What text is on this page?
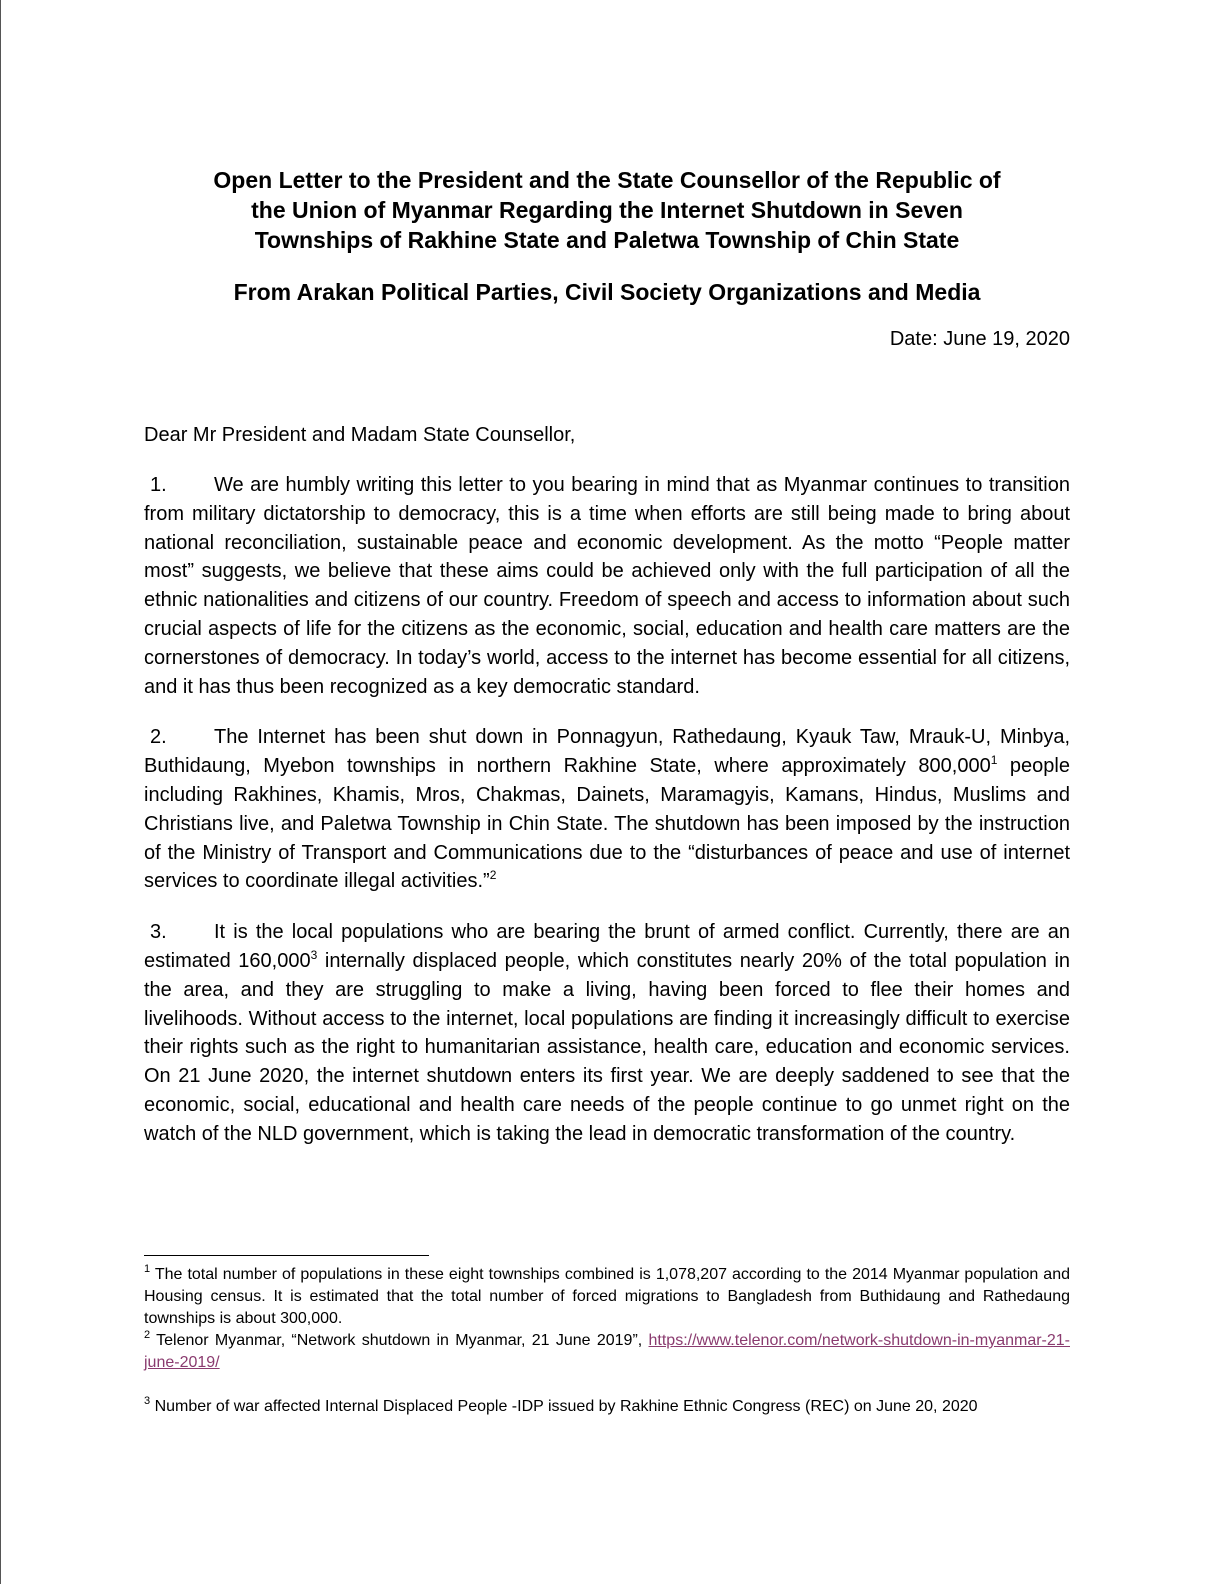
Open Letter to the President and the State Counsellor of the Republic of
the Union of Myanmar Regarding the Internet Shutdown in Seven
Townships of Rakhine State and Paletwa Township of Chin State
From Arakan Political Parties, Civil Society Organizations and Media
Date: June 19, 2020
Dear Mr President and Madam State Counsellor,

1. We are humbly writing this letter to you bearing in mind that as Myanmar continues to transition from military dictatorship to democracy, this is a time when efforts are still being made to bring about national reconciliation, sustainable peace and economic development. As the motto “People matter most” suggests, we believe that these aims could be achieved only with the full participation of all the ethnic nationalities and citizens of our country. Freedom of speech and access to information about such crucial aspects of life for the citizens as the economic, social, education and health care matters are the cornerstones of democracy. In today’s world, access to the internet has become essential for all citizens, and it has thus been recognized as a key democratic standard.

2. The Internet has been shut down in Ponnagyun, Rathedaung, Kyauk Taw, Mrauk-U, Minbya, Buthidaung, Myebon townships in northern Rakhine State, where approximately 800,000$^1$ people including Rakhines, Khamis, Mros, Chakmas, Dainets, Maramagyis, Kamans, Hindus, Muslims and Christians live, and Paletwa Township in Chin State. The shutdown has been imposed by the instruction of the Ministry of Transport and Communications due to the “disturbances of peace and use of internet services to coordinate illegal activities.”$^2$

3. It is the local populations who are bearing the brunt of armed conflict. Currently, there are an estimated 160,000$^3$ internally displaced people, which constitutes nearly 20% of the total population in the area, and they are struggling to make a living, having been forced to flee their homes and livelihoods. Without access to the internet, local populations are finding it increasingly difficult to exercise their rights such as the right to humanitarian assistance, health care, education and economic services. On 21 June 2020, the internet shutdown enters its first year. We are deeply saddened to see that the economic, social, educational and health care needs of the people continue to go unmet right on the watch of the NLD government, which is taking the lead in democratic transformation of the country.

$^1$ The total number of populations in these eight townships combined is 1,078,207 according to the 2014 Myanmar population and Housing census. It is estimated that the total number of forced migrations to Bangladesh from Buthidaung and Rathedaung townships is about 300,000.

$^2$ Telenor Myanmar, “Network shutdown in Myanmar, 21 June 2019”, https://www.telenor.com/network-shutdown-in-myanmar-21-june-2019/

$^3$ Number of war affected Internal Displaced People -IDP issued by Rakhine Ethnic Congress (REC) on June 20, 2020
